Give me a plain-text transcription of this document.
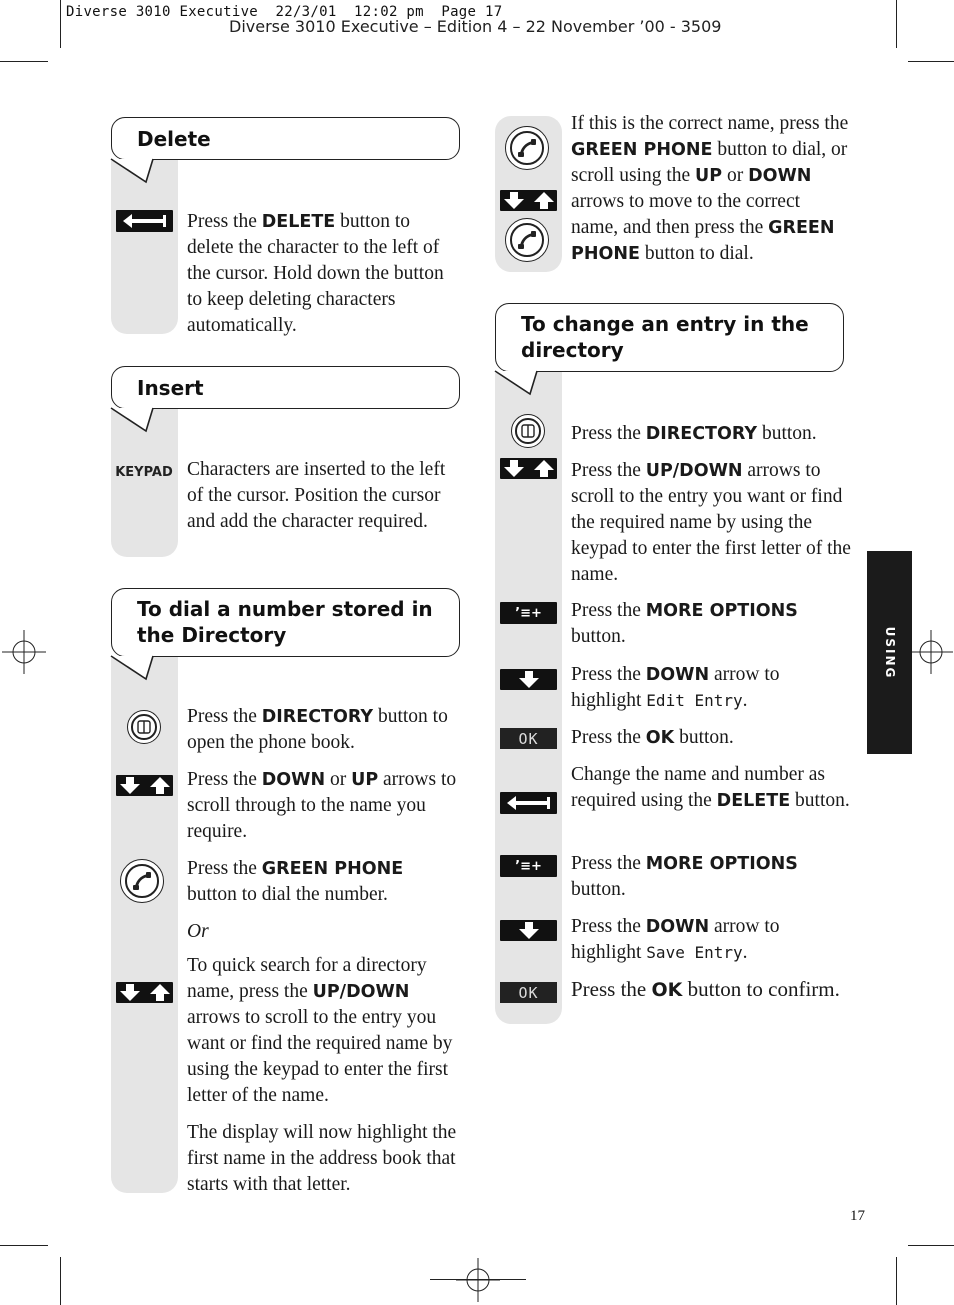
Diverse 3010 Executive  22/3/01  12:02 pm  Page 17
Diverse 3010 Executive – Edition 4 – 22 November ’00 - 3509
USING
17
Delete
Press the DELETE button to delete the character to the left of the cursor. Hold down the button to keep deleting characters automatically.
Insert
KEYPAD Characters are inserted to the left of the cursor. Position the cursor and add the character required.
To dial a number stored in the Directory
Press the DIRECTORY button to open the phone book.
Press the DOWN or UP arrows to scroll through to the name you require.
Press the GREEN PHONE button to dial the number.
Or
To quick search for a directory name, press the UP/DOWN arrows to scroll to the entry you want or find the required name by using the keypad to enter the first letter of the name.
The display will now highlight the first name in the address book that starts with that letter.
If this is the correct name, press the GREEN PHONE button to dial, or scroll using the UP or DOWN arrows to move to the correct name, and then press the GREEN PHONE button to dial.
To change an entry in the directory
Press the DIRECTORY button.
Press the UP/DOWN arrows to scroll to the entry you want or find the required name by using the keypad to enter the first letter of the name.
’≡+	Press the MORE OPTIONS button.
Press the DOWN arrow to highlight Edit Entry.
OK	Press the OK button.
Change the name and number as required using the DELETE button.
’≡+	Press the MORE OPTIONS button.
Press the DOWN arrow to highlight Save Entry.
OK	Press the OK button to confirm.
